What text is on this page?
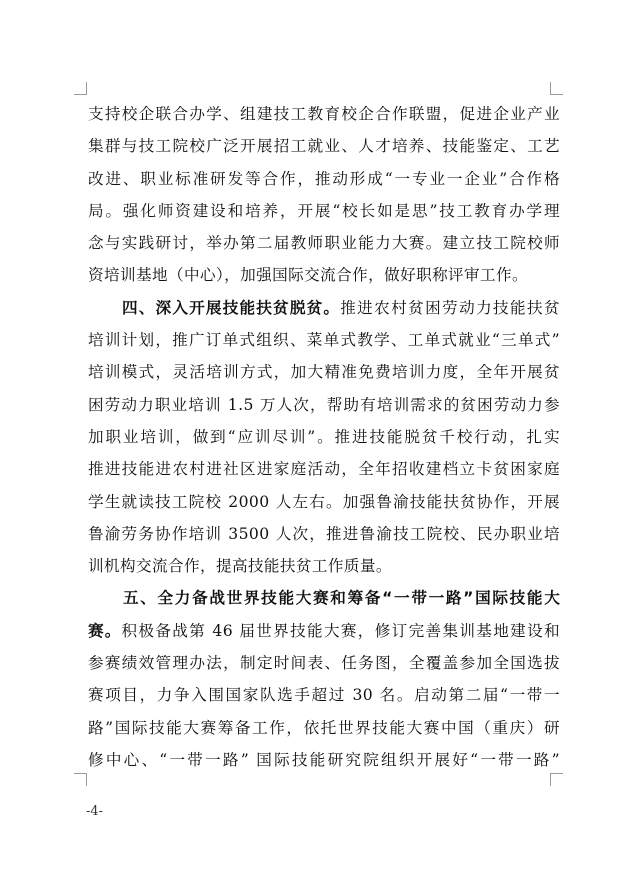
支持校企联合办学、组建技工教育校企合作联盟，促进企业产业
集群与技工院校广泛开展招工就业、人才培养、技能鉴定、工艺
改进、职业标准研发等合作，推动形成“一专业一企业”合作格
局。强化师资建设和培养，开展“校长如是思”技工教育办学理
念与实践研讨，举办第二届教师职业能力大赛。建立技工院校师
资培训基地（中心），加强国际交流合作，做好职称评审工作。
　　四、深入开展技能扶贫脱贫。推进农村贫困劳动力技能扶贫
培训计划，推广订单式组织、菜单式教学、工单式就业“三单式”
培训模式，灵活培训方式，加大精准免费培训力度，全年开展贫
困劳动力职业培训 1.5 万人次，帮助有培训需求的贫困劳动力参
加职业培训，做到“应训尽训”。推进技能脱贫千校行动，扎实
推进技能进农村进社区进家庭活动，全年招收建档立卡贫困家庭
学生就读技工院校 2000 人左右。加强鲁渝技能扶贫协作，开展
鲁渝劳务协作培训 3500 人次，推进鲁渝技工院校、民办职业培
训机构交流合作，提高技能扶贫工作质量。
　　五、全力备战世界技能大赛和筹备“一带一路”国际技能大
赛。积极备战第 46 届世界技能大赛，修订完善集训基地建设和
参赛绩效管理办法，制定时间表、任务图，全覆盖参加全国选拔
赛项目，力争入围国家队选手超过 30 名。启动第二届“一带一
路”国际技能大赛筹备工作，依托世界技能大赛中国（重庆）研
修中心、“一带一路” 国际技能研究院组织开展好“一带一路”
-4-
